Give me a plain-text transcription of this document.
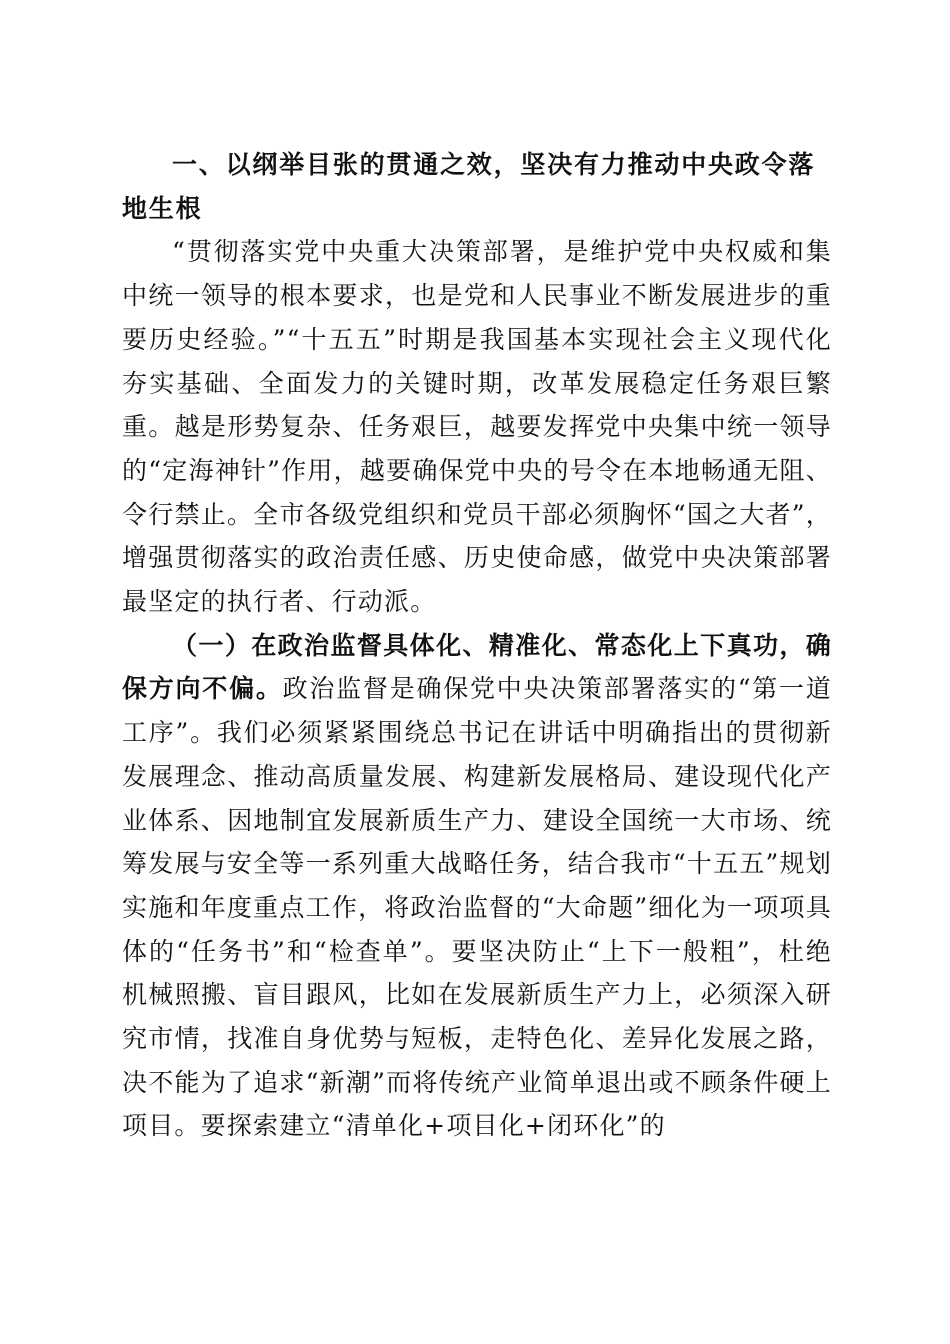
一、以纲举目张的贯通之效，坚决有力推动中央政令落地生根

“贯彻落实党中央重大决策部署，是维护党中央权威和集中统一领导的根本要求，也是党和人民事业不断发展进步的重要历史经验。”“十五五”时期是我国基本实现社会主义现代化夯实基础、全面发力的关键时期，改革发展稳定任务艰巨繁重。越是形势复杂、任务艰巨，越要发挥党中央集中统一领导的“定海神针”作用，越要确保党中央的号令在本地畅通无阻、令行禁止。全市各级党组织和党员干部必须胸怀“国之大者”，增强贯彻落实的政治责任感、历史使命感，做党中央决策部署最坚定的执行者、行动派。

（一）在政治监督具体化、精准化、常态化上下真功，确保方向不偏。政治监督是确保党中央决策部署落实的“第一道工序”。我们必须紧紧围绕总书记在讲话中明确指出的贯彻新发展理念、推动高质量发展、构建新发展格局、建设现代化产业体系、因地制宜发展新质生产力、建设全国统一大市场、统筹发展与安全等一系列重大战略任务，结合我市“十五五”规划实施和年度重点工作，将政治监督的“大命题”细化为一项项具体的“任务书”和“检查单”。要坚决防止“上下一般粗”，杜绝机械照搬、盲目跟风，比如在发展新质生产力上，必须深入研究市情，找准自身优势与短板，走特色化、差异化发展之路，决不能为了追求“新潮”而将传统产业简单退出或不顾条件硬上项目。要探索建立“清单化+项目化+闭环化”的
